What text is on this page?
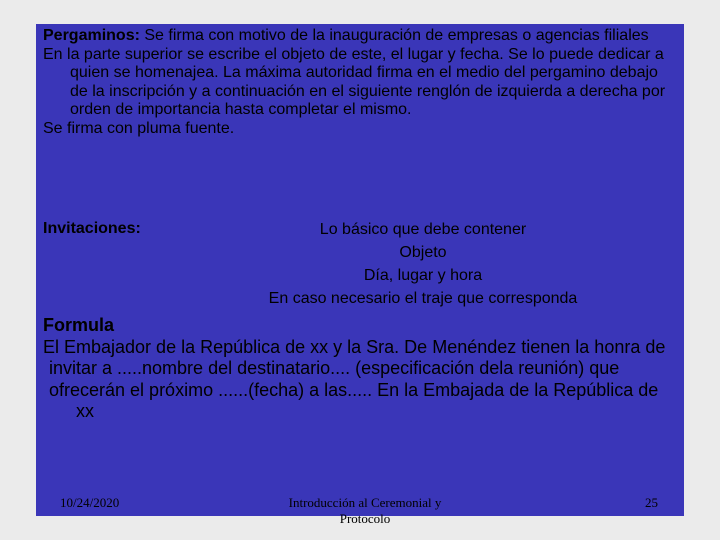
Pergaminos: Se firma con motivo de la inauguración de empresas o agencias filiales

En la parte superior se escribe el objeto de este, el lugar y fecha. Se lo puede dedicar a quien se homenajea. La máxima autoridad firma en el medio del pergamino debajo de la inscripción y a continuación en el siguiente renglón de izquierda a derecha por orden de importancia hasta completar el mismo.

Se firma con pluma fuente.

Invitaciones:	Lo básico que debe contener
Objeto
Día, lugar y hora
En caso necesario el traje que corresponda
Formula

El Embajador de la República de xx y la Sra. De Menéndez tienen la honra de

invitar a .....nombre del destinatario.... (especificación dela reunión) que

ofrecerán el próximo ......(fecha) a las..... En la Embajada de la República de xx

10/24/2020	Introducción al Ceremonial y Protocolo
25
